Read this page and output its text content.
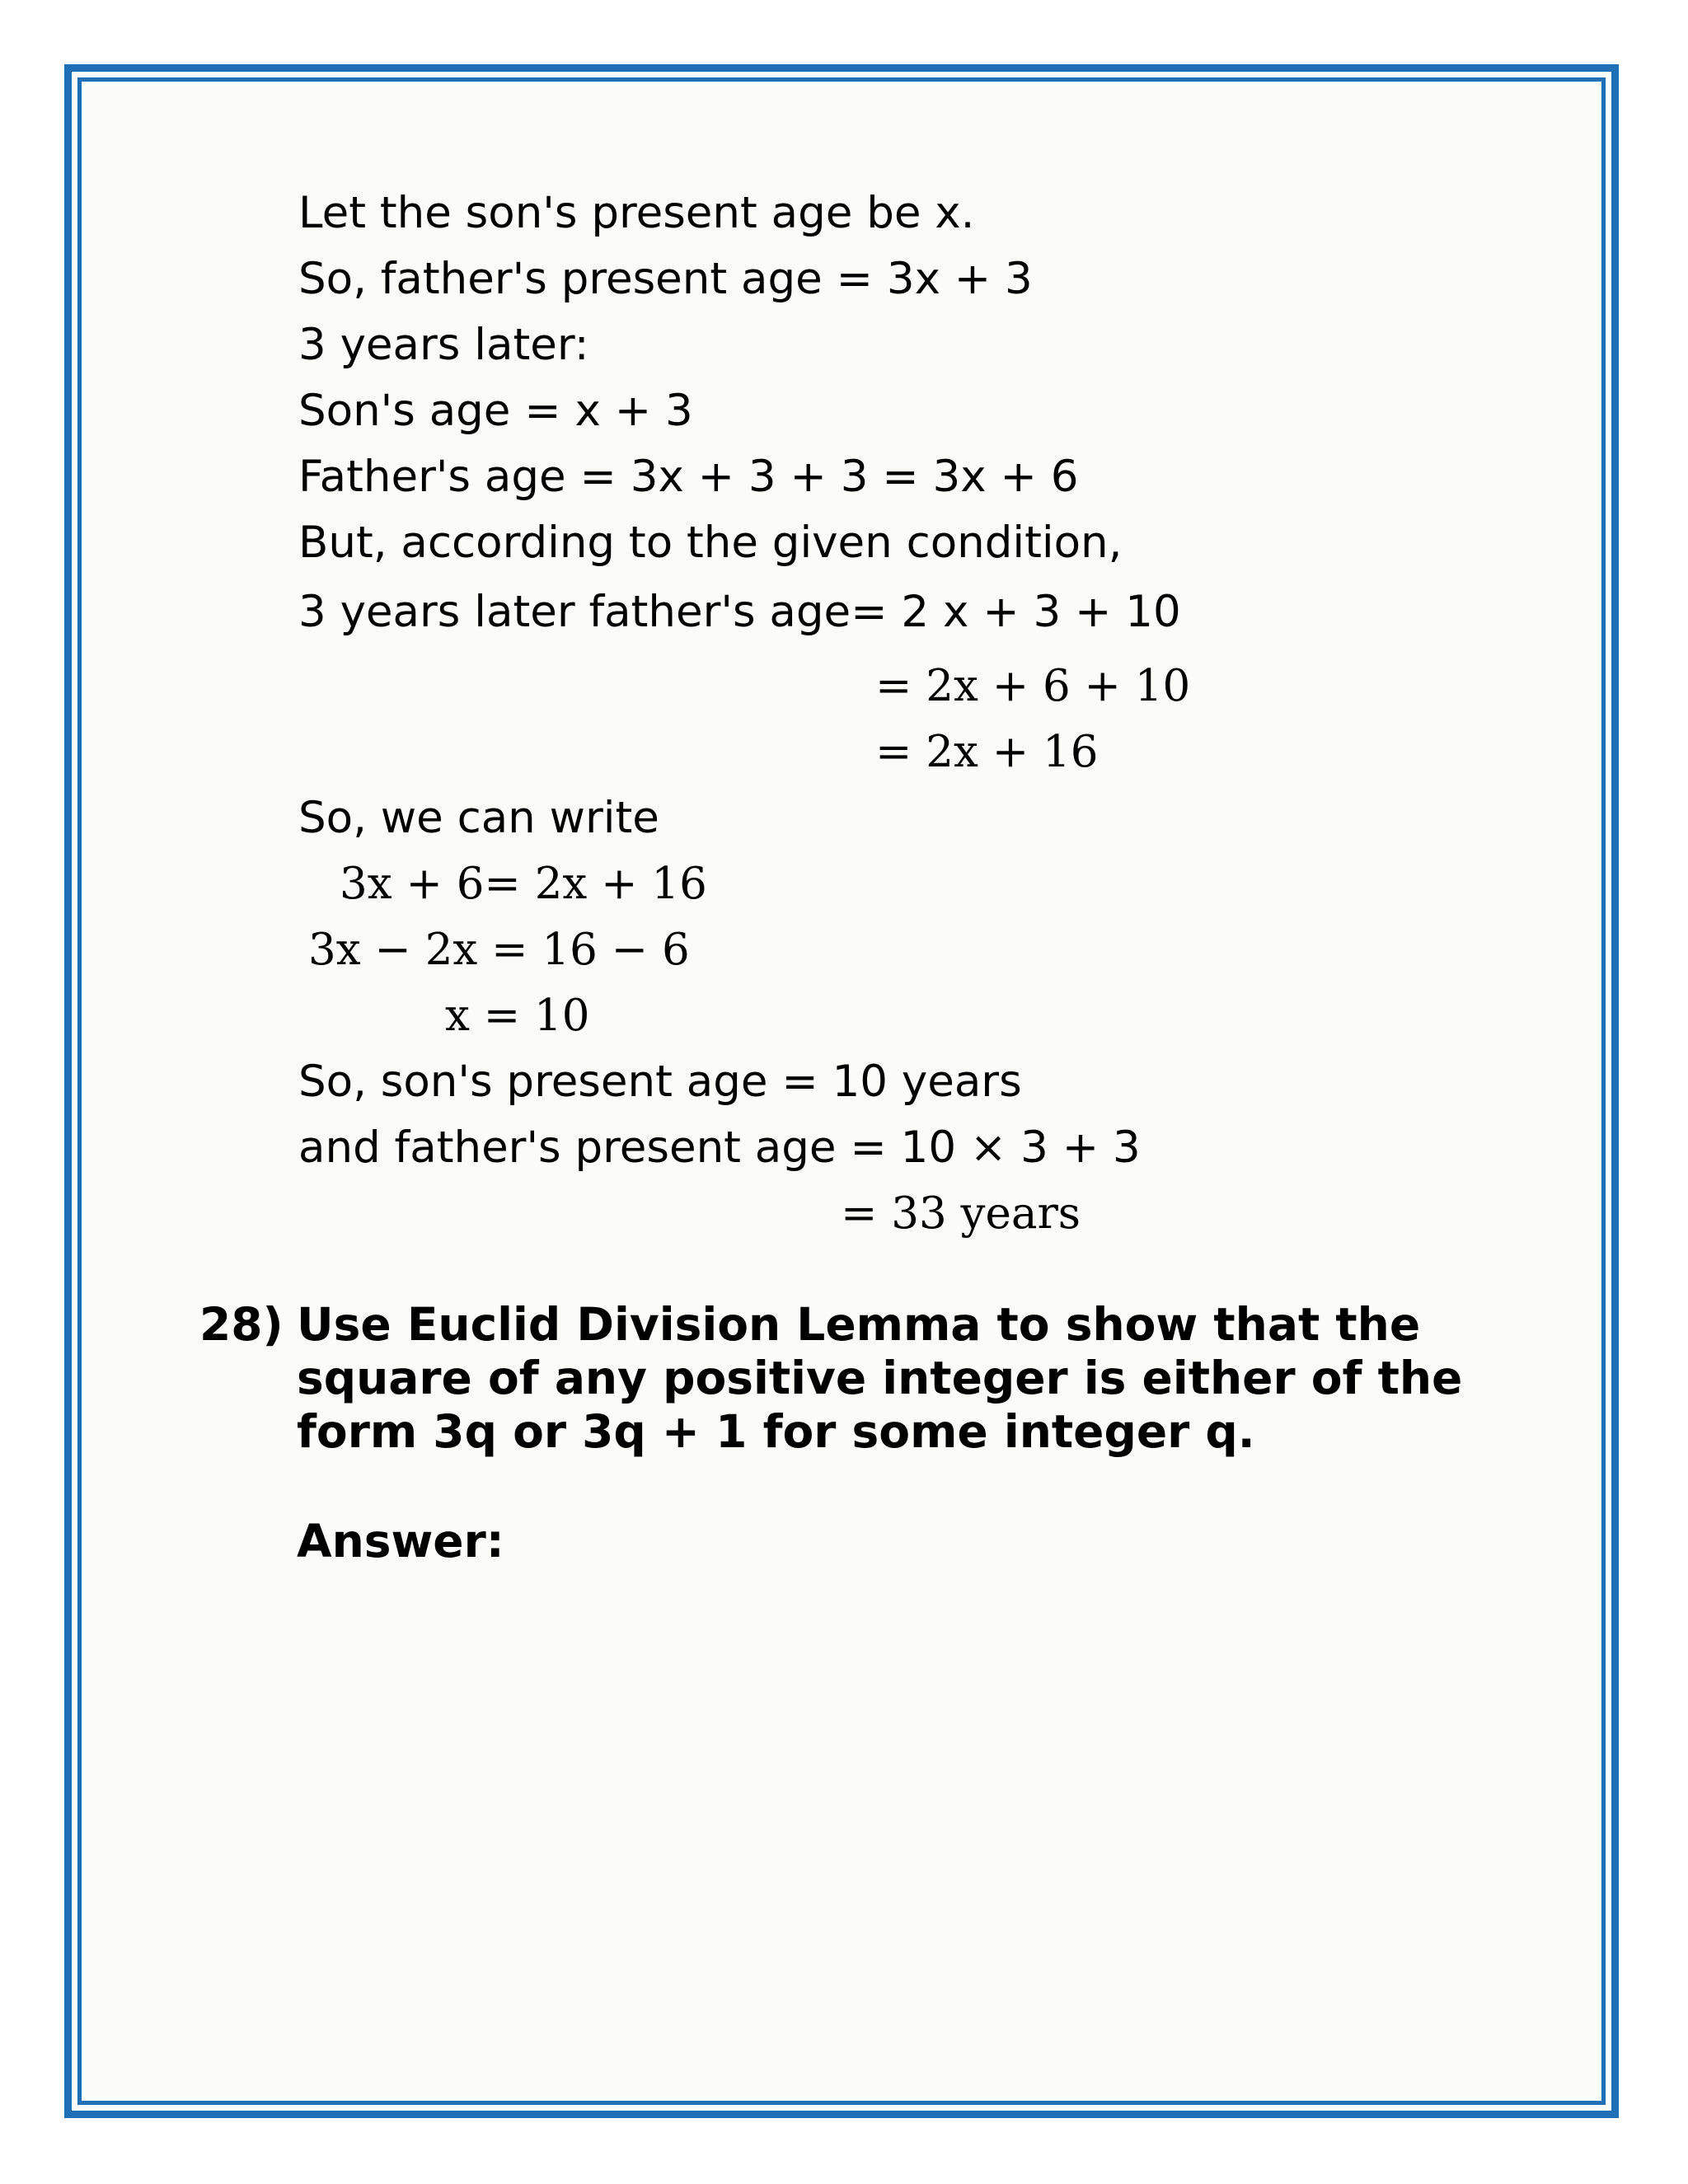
Let the son's present age be x.
So, father's present age = 3x + 3
3 years later:
Son's age = x + 3
Father's age = 3x + 3 + 3 = 3x + 6
But, according to the given condition,
3 years later father's age= 2 x + 3 + 10
= 2x + 6 + 10
= 2x + 16
So, we can write
3x + 6= 2x + 16
3x − 2x = 16 − 6
x = 10
So, son's present age = 10 years
and father's present age = 10 × 3 + 3
= 33 years
28) Use Euclid Division Lemma to show that the
square of any positive integer is either of the
form 3q or 3q + 1 for some integer q.
Answer:
